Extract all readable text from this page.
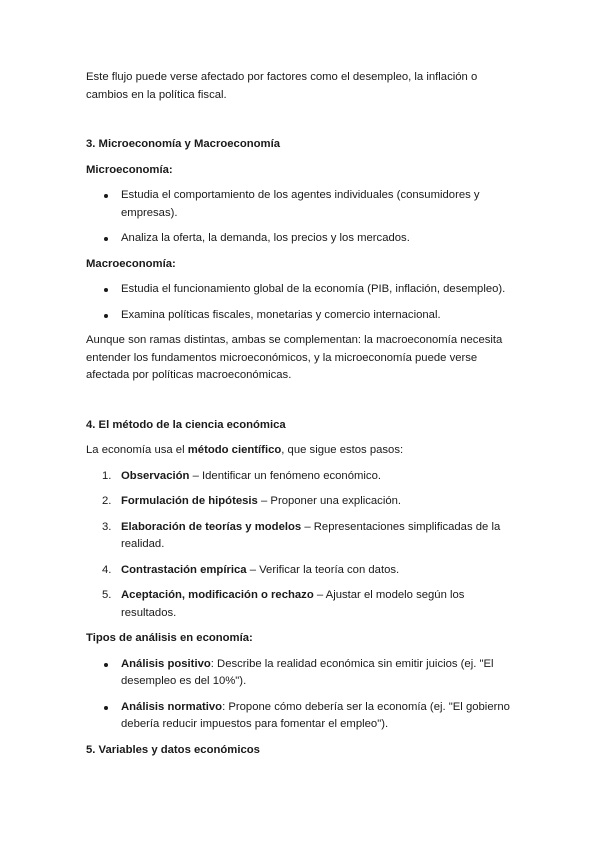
Este flujo puede verse afectado por factores como el desempleo, la inflación o cambios en la política fiscal.

3. Microeconomía y Macroeconomía

Microeconomía:

Estudia el comportamiento de los agentes individuales (consumidores y empresas).
Analiza la oferta, la demanda, los precios y los mercados.

Macroeconomía:

Estudia el funcionamiento global de la economía (PIB, inflación, desempleo).
Examina políticas fiscales, monetarias y comercio internacional.

Aunque son ramas distintas, ambas se complementan: la macroeconomía necesita entender los fundamentos microeconómicos, y la microeconomía puede verse afectada por políticas macroeconómicas.

4. El método de la ciencia económica

La economía usa el método científico, que sigue estos pasos:

1. Observación – Identificar un fenómeno económico.
2. Formulación de hipótesis – Proponer una explicación.
3. Elaboración de teorías y modelos – Representaciones simplificadas de la realidad.
4. Contrastación empírica – Verificar la teoría con datos.
5. Aceptación, modificación o rechazo – Ajustar el modelo según los resultados.

Tipos de análisis en economía:

Análisis positivo: Describe la realidad económica sin emitir juicios (ej. "El desempleo es del 10%").
Análisis normativo: Propone cómo debería ser la economía (ej. "El gobierno debería reducir impuestos para fomentar el empleo").

5. Variables y datos económicos
